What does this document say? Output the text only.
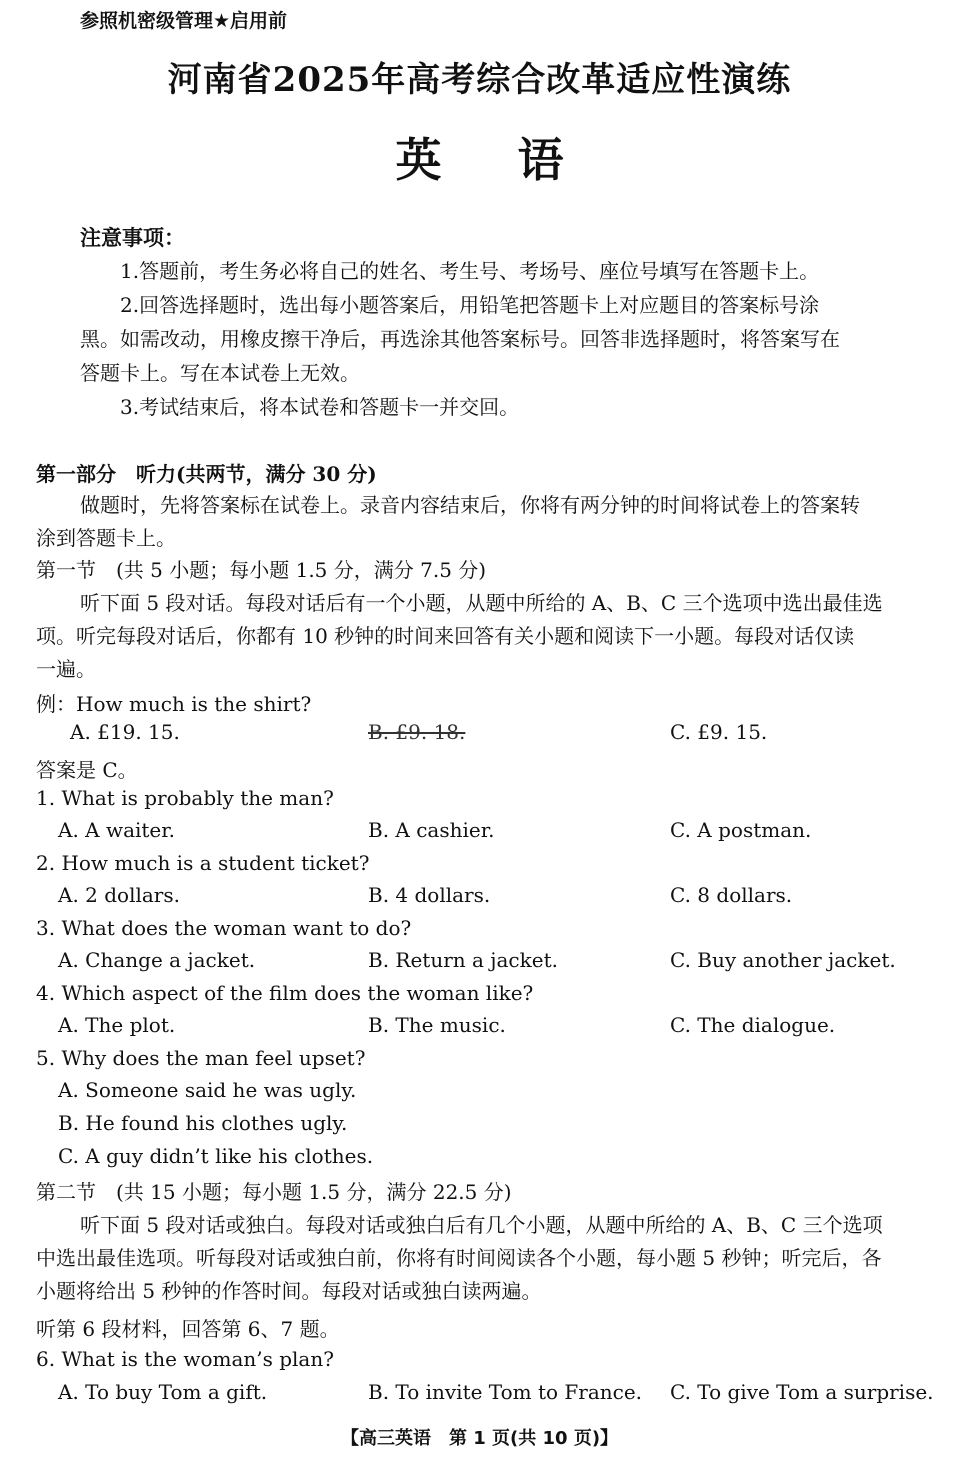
参照机密级管理★启用前
河南省2025年高考综合改革适应性演练
英 语
注意事项：
1.答题前，考生务必将自己的姓名、考生号、考场号、座位号填写在答题卡上。
2.回答选择题时，选出每小题答案后，用铅笔把答题卡上对应题目的答案标号涂
黑。如需改动，用橡皮擦干净后，再选涂其他答案标号。回答非选择题时，将答案写在
答题卡上。写在本试卷上无效。
3.考试结束后，将本试卷和答题卡一并交回。
第一部分　听力(共两节，满分 30 分)
做题时，先将答案标在试卷上。录音内容结束后，你将有两分钟的时间将试卷上的答案转
涂到答题卡上。
第一节　(共 5 小题；每小题 1.5 分，满分 7.5 分)
听下面 5 段对话。每段对话后有一个小题，从题中所给的 A、B、C 三个选项中选出最佳选
项。听完每段对话后，你都有 10 秒钟的时间来回答有关小题和阅读下一小题。每段对话仅读
一遍。
例：How much is the shirt?
A. £19. 15.	B. £9. 18.	C. £9. 15.
答案是 C。
1. What is probably the man?
A. A waiter.	B. A cashier.	C. A postman.
2. How much is a student ticket?
A. 2 dollars.	B. 4 dollars.	C. 8 dollars.
3. What does the woman want to do?
A. Change a jacket.	B. Return a jacket.	C. Buy another jacket.
4. Which aspect of the film does the woman like?
A. The plot.	B. The music.	C. The dialogue.
5. Why does the man feel upset?
A. Someone said he was ugly.
B. He found his clothes ugly.
C. A guy didn’t like his clothes.
第二节　(共 15 小题；每小题 1.5 分，满分 22.5 分)
听下面 5 段对话或独白。每段对话或独白后有几个小题，从题中所给的 A、B、C 三个选项
中选出最佳选项。听每段对话或独白前，你将有时间阅读各个小题，每小题 5 秒钟；听完后，各
小题将给出 5 秒钟的作答时间。每段对话或独白读两遍。
听第 6 段材料，回答第 6、7 题。
6. What is the woman’s plan?
A. To buy Tom a gift.	B. To invite Tom to France. C. To give Tom a surprise.
【高三英语　第 1 页(共 10 页)】
